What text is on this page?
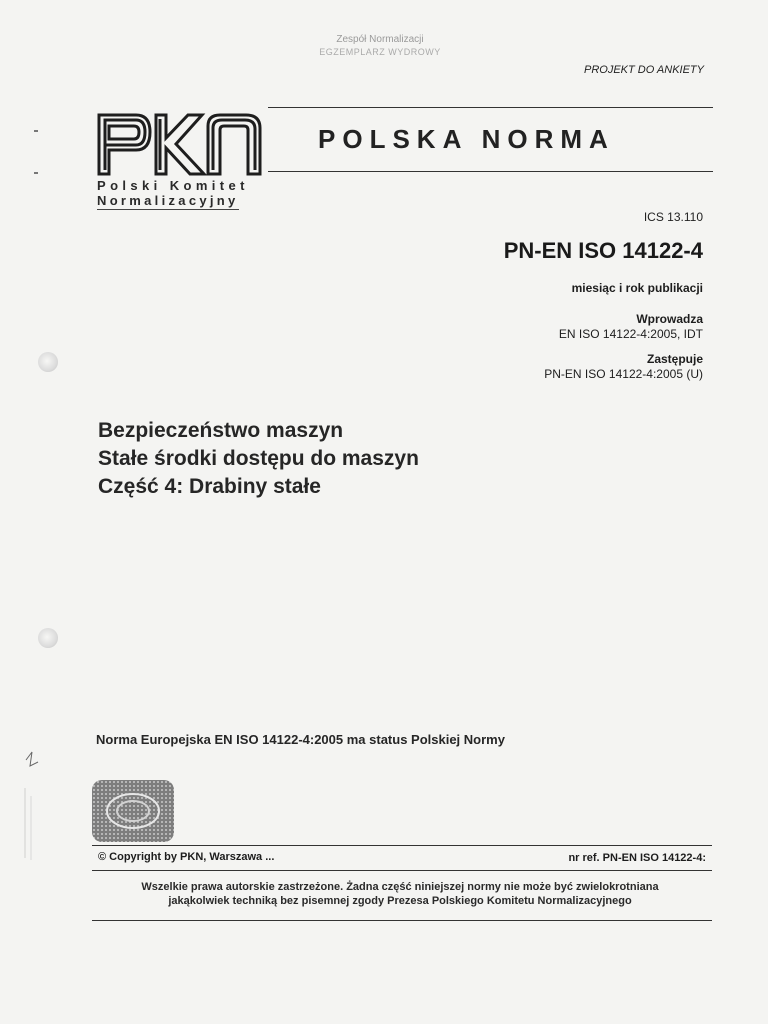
Zespół Normalizacji
EGZEMPLARZ WYDROWY
PROJEKT DO ANKIETY
POLSKA NORMA
Polski Komitet
Normalizacyjny
ICS 13.110
PN-EN ISO 14122-4
miesiąc i rok publikacji
Wprowadza
EN ISO 14122-4:2005, IDT
Zastępuje
PN-EN ISO 14122-4:2005 (U)
Bezpieczeństwo maszyn
Stałe środki dostępu do maszyn
Część 4: Drabiny stałe
Norma Europejska EN ISO 14122-4:2005 ma status Polskiej Normy
© Copyright by PKN, Warszawa ...	nr ref. PN-EN ISO 14122-4:
Wszelkie prawa autorskie zastrzeżone. Żadna część niniejszej normy nie może być zwielokrotniana
jakąkolwiek techniką bez pisemnej zgody Prezesa Polskiego Komitetu Normalizacyjnego
